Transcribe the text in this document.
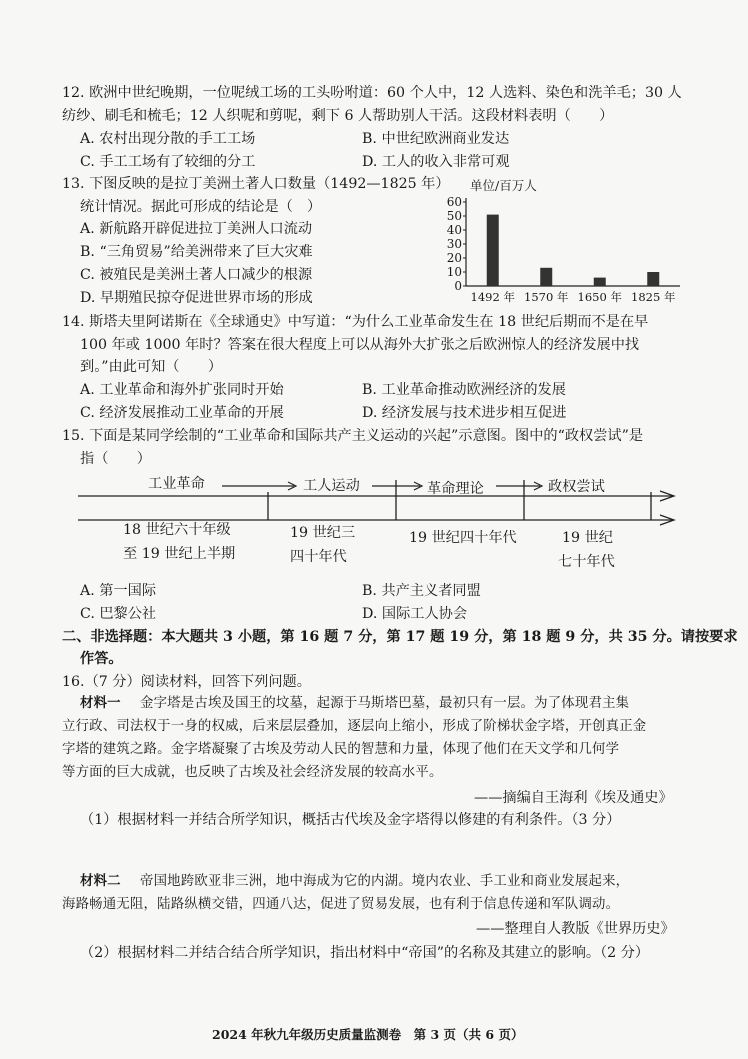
12. 欧洲中世纪晚期，一位呢绒工场的工头吩咐道：60 个人中，12 人选料、染色和洗羊毛；30 人
纺纱、刷毛和梳毛；12 人织呢和剪呢，剩下 6 人帮助别人干活。这段材料表明（　　）
A. 农村出现分散的手工工场	B. 中世纪欧洲商业发达
C. 手工工场有了较细的分工	D. 工人的收入非常可观
13. 下图反映的是拉丁美洲土著人口数量（1492—1825 年）
统计情况。据此可形成的结论是（　）
A. 新航路开辟促进拉丁美洲人口流动
B. “三角贸易”给美洲带来了巨大灾难
C. 被殖民是美洲土著人口减少的根源
D. 早期殖民掠夺促进世界市场的形成
单位/百万人
0
10
20
30
40
50
60
1492 年 1570 年 1650 年 1825 年
14. 斯塔夫里阿诺斯在《全球通史》中写道：“为什么工业革命发生在 18 世纪后期而不是在早
100 年或 1000 年时？答案在很大程度上可以从海外大扩张之后欧洲惊人的经济发展中找
到。”由此可知（　　）
A. 工业革命和海外扩张同时开始	B. 工业革命推动欧洲经济的发展
C. 经济发展推动工业革命的开展	D. 经济发展与技术进步相互促进
15. 下面是某同学绘制的“工业革命和国际共产主义运动的兴起”示意图。图中的“政权尝试”是
指（　　）
工业革命	工人运动	革命理论	政权尝试
18 世纪六十年级
至 19 世纪上半期
19 世纪三
四十年代
19 世纪四十年代	19 世纪
七十年代
A. 第一国际	B. 共产主义者同盟
C. 巴黎公社	D. 国际工人协会
二、非选择题：本大题共 3 小题，第 16 题 7 分，第 17 题 19 分，第 18 题 9 分，共 35 分。请按要求
作答。
16.（7 分）阅读材料，回答下列问题。
材料一 金字塔是古埃及国王的坟墓，起源于马斯塔巴墓，最初只有一层。为了体现君主集
立行政、司法权于一身的权威，后来层层叠加，逐层向上缩小，形成了阶梯状金字塔，开创真正金
字塔的建筑之路。金字塔凝聚了古埃及劳动人民的智慧和力量，体现了他们在天文学和几何学
等方面的巨大成就，也反映了古埃及社会经济发展的较高水平。
——摘编自王海利《埃及通史》
（1）根据材料一并结合所学知识，概括古代埃及金字塔得以修建的有利条件。（3 分）
材料二 帝国地跨欧亚非三洲，地中海成为它的内湖。境内农业、手工业和商业发展起来，
海路畅通无阻，陆路纵横交错，四通八达，促进了贸易发展，也有利于信息传递和军队调动。
——整理自人教版《世界历史》
（2）根据材料二并结合结合所学知识，指出材料中“帝国”的名称及其建立的影响。（2 分）
2024 年秋九年级历史质量监测卷　第 3 页（共 6 页）
